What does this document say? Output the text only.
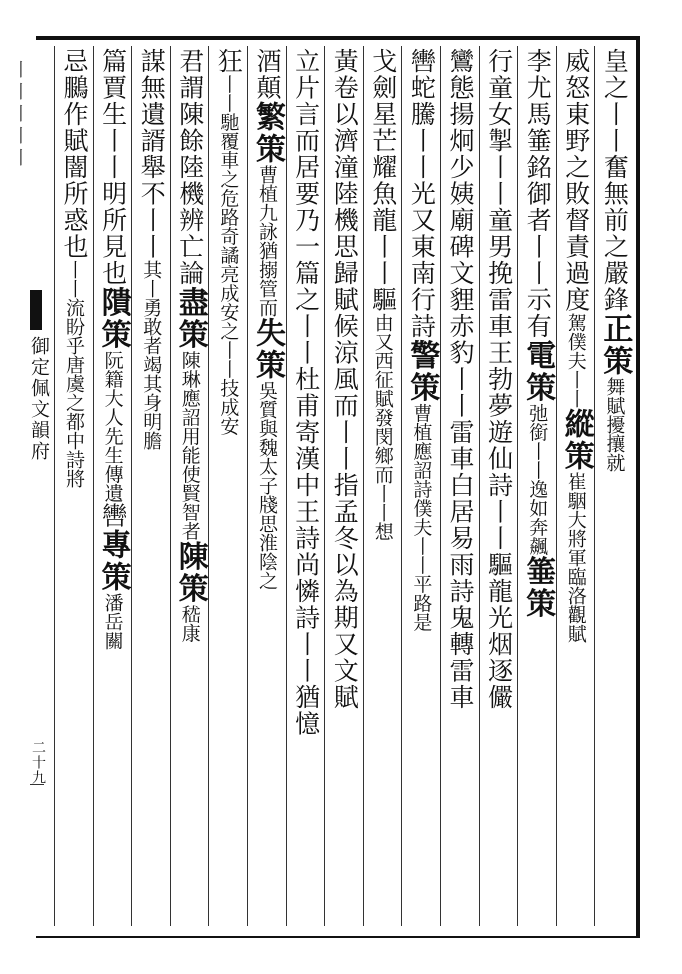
丨丨丨丨丨
御定佩文韻府
二十九
皇之丨丨奮無前之嚴鋒正策舞賦擾攘就
威怒東野之敗督責過度駕僕夫丨丨縱策崔駰大將軍臨洛觀賦
李尤馬箠銘御者丨丨示有電策弛銜丨丨逸如奔飆箠策
行童女掣丨丨童男挽雷車王勃夢遊仙詩丨丨驅龍光烟逐儼
鸞態揚炯少姨廟碑文貍赤豹丨丨雷車白居易雨詩鬼轉雷車
轡蛇騰丨丨光又東南行詩警策曹植應詔詩僕夫丨丨平路是
戈劍星芒耀魚龍丨丨驅由又西征賦發閔鄉而丨丨想
黃卷以濟潼陸機思歸賦候涼風而丨丨指孟冬以為期又文賦
立片言而居要乃一篇之丨丨杜甫寄漢中王詩尚憐詩丨丨猶憶
酒顛繁策曹植九詠猶搦管而失策吳質與魏太子牋思淮陰之
狂丨丨馳覆車之危路奇譎亮成安之丨丨技成安
君謂陳餘陸機辨亡論盡策陳琳應詔用能使賢智者陳策嵇康
謀無遺諝舉不丨丨其丨勇敢者竭其身明膽
篇賈生丨丨明所見也隤策阮籍大人先生傳遺轡專策潘岳關
忌鵩作賦闇所惑也丨丨流盼乎唐虞之都中詩將
